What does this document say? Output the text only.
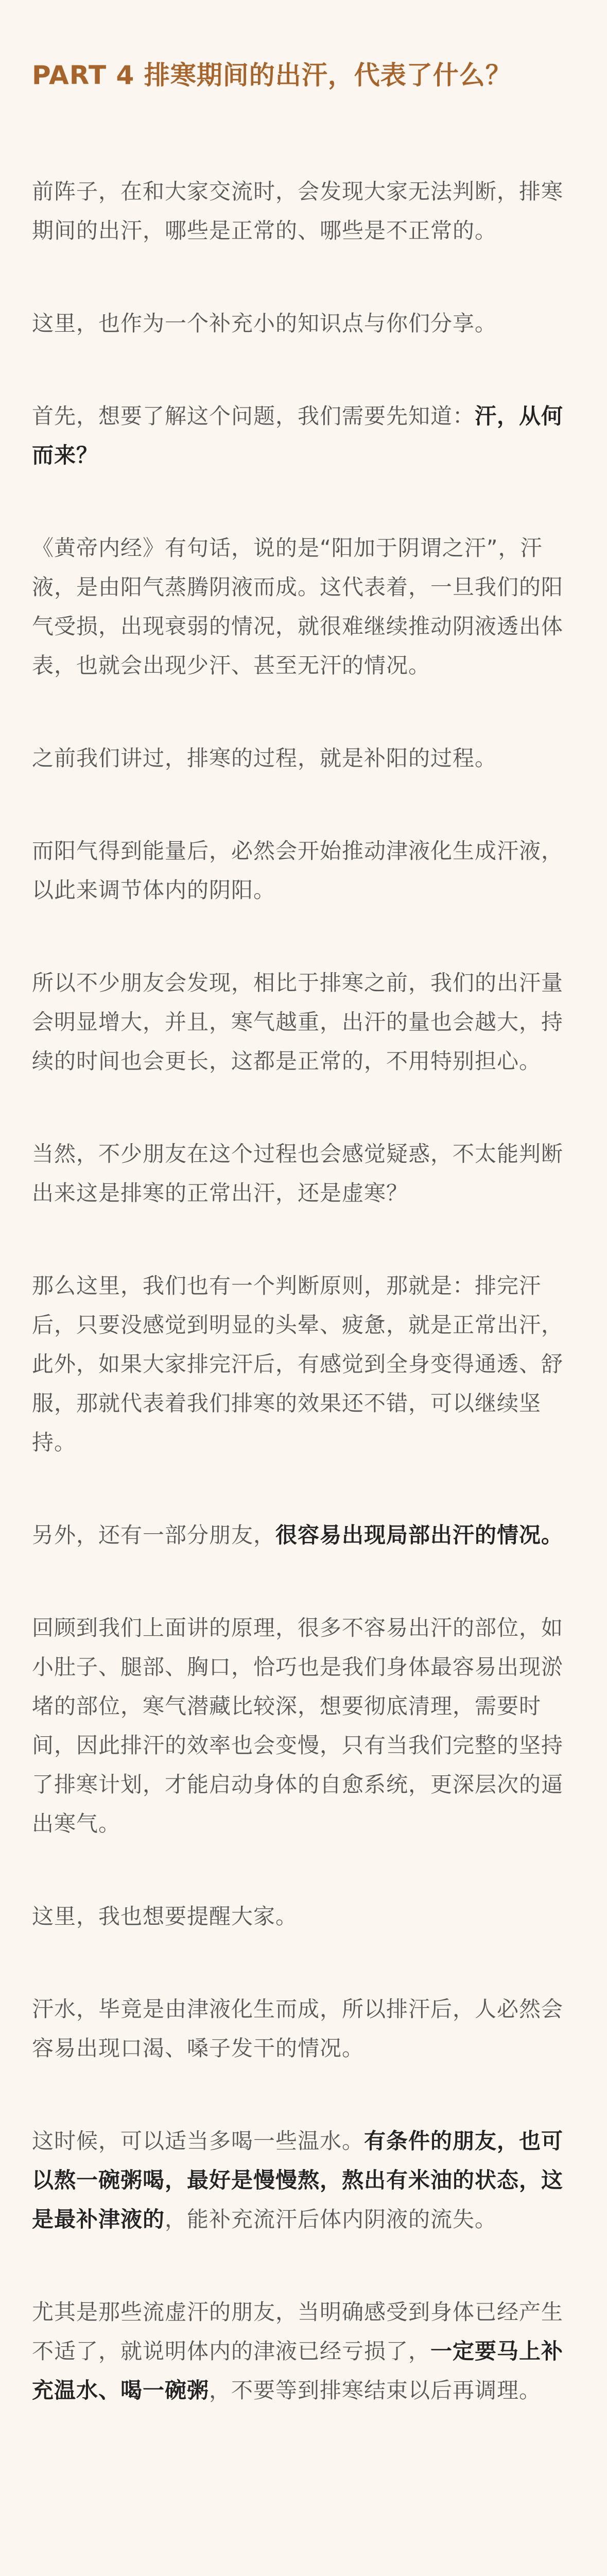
PART 4 排寒期间的出汗，代表了什么？

前阵子，在和大家交流时，会发现大家无法判断，排寒期间的出汗，哪些是正常的、哪些是不正常的。

这里，也作为一个补充小的知识点与你们分享。

首先，想要了解这个问题，我们需要先知道：汗，从何而来？

《黄帝内经》有句话，说的是“阳加于阴谓之汗”，汗液，是由阳气蒸腾阴液而成。这代表着，一旦我们的阳气受损，出现衰弱的情况，就很难继续推动阴液透出体表，也就会出现少汗、甚至无汗的情况。

之前我们讲过，排寒的过程，就是补阳的过程。

而阳气得到能量后，必然会开始推动津液化生成汗液，以此来调节体内的阴阳。

所以不少朋友会发现，相比于排寒之前，我们的出汗量会明显增大，并且，寒气越重，出汗的量也会越大，持续的时间也会更长，这都是正常的，不用特别担心。

当然，不少朋友在这个过程也会感觉疑惑，不太能判断出来这是排寒的正常出汗，还是虚寒？

那么这里，我们也有一个判断原则，那就是：排完汗后，只要没感觉到明显的头晕、疲惫，就是正常出汗，此外，如果大家排完汗后，有感觉到全身变得通透、舒服，那就代表着我们排寒的效果还不错，可以继续坚持。

另外，还有一部分朋友，很容易出现局部出汗的情况。

回顾到我们上面讲的原理，很多不容易出汗的部位，如小肚子、腿部、胸口，恰巧也是我们身体最容易出现淤堵的部位，寒气潜藏比较深，想要彻底清理，需要时间，因此排汗的效率也会变慢，只有当我们完整的坚持了排寒计划，才能启动身体的自愈系统，更深层次的逼出寒气。

这里，我也想要提醒大家。

汗水，毕竟是由津液化生而成，所以排汗后，人必然会容易出现口渴、嗓子发干的情况。

这时候，可以适当多喝一些温水。有条件的朋友，也可以熬一碗粥喝，最好是慢慢熬，熬出有米油的状态，这是最补津液的，能补充流汗后体内阴液的流失。

尤其是那些流虚汗的朋友，当明确感受到身体已经产生不适了，就说明体内的津液已经亏损了，一定要马上补充温水、喝一碗粥，不要等到排寒结束以后再调理。
